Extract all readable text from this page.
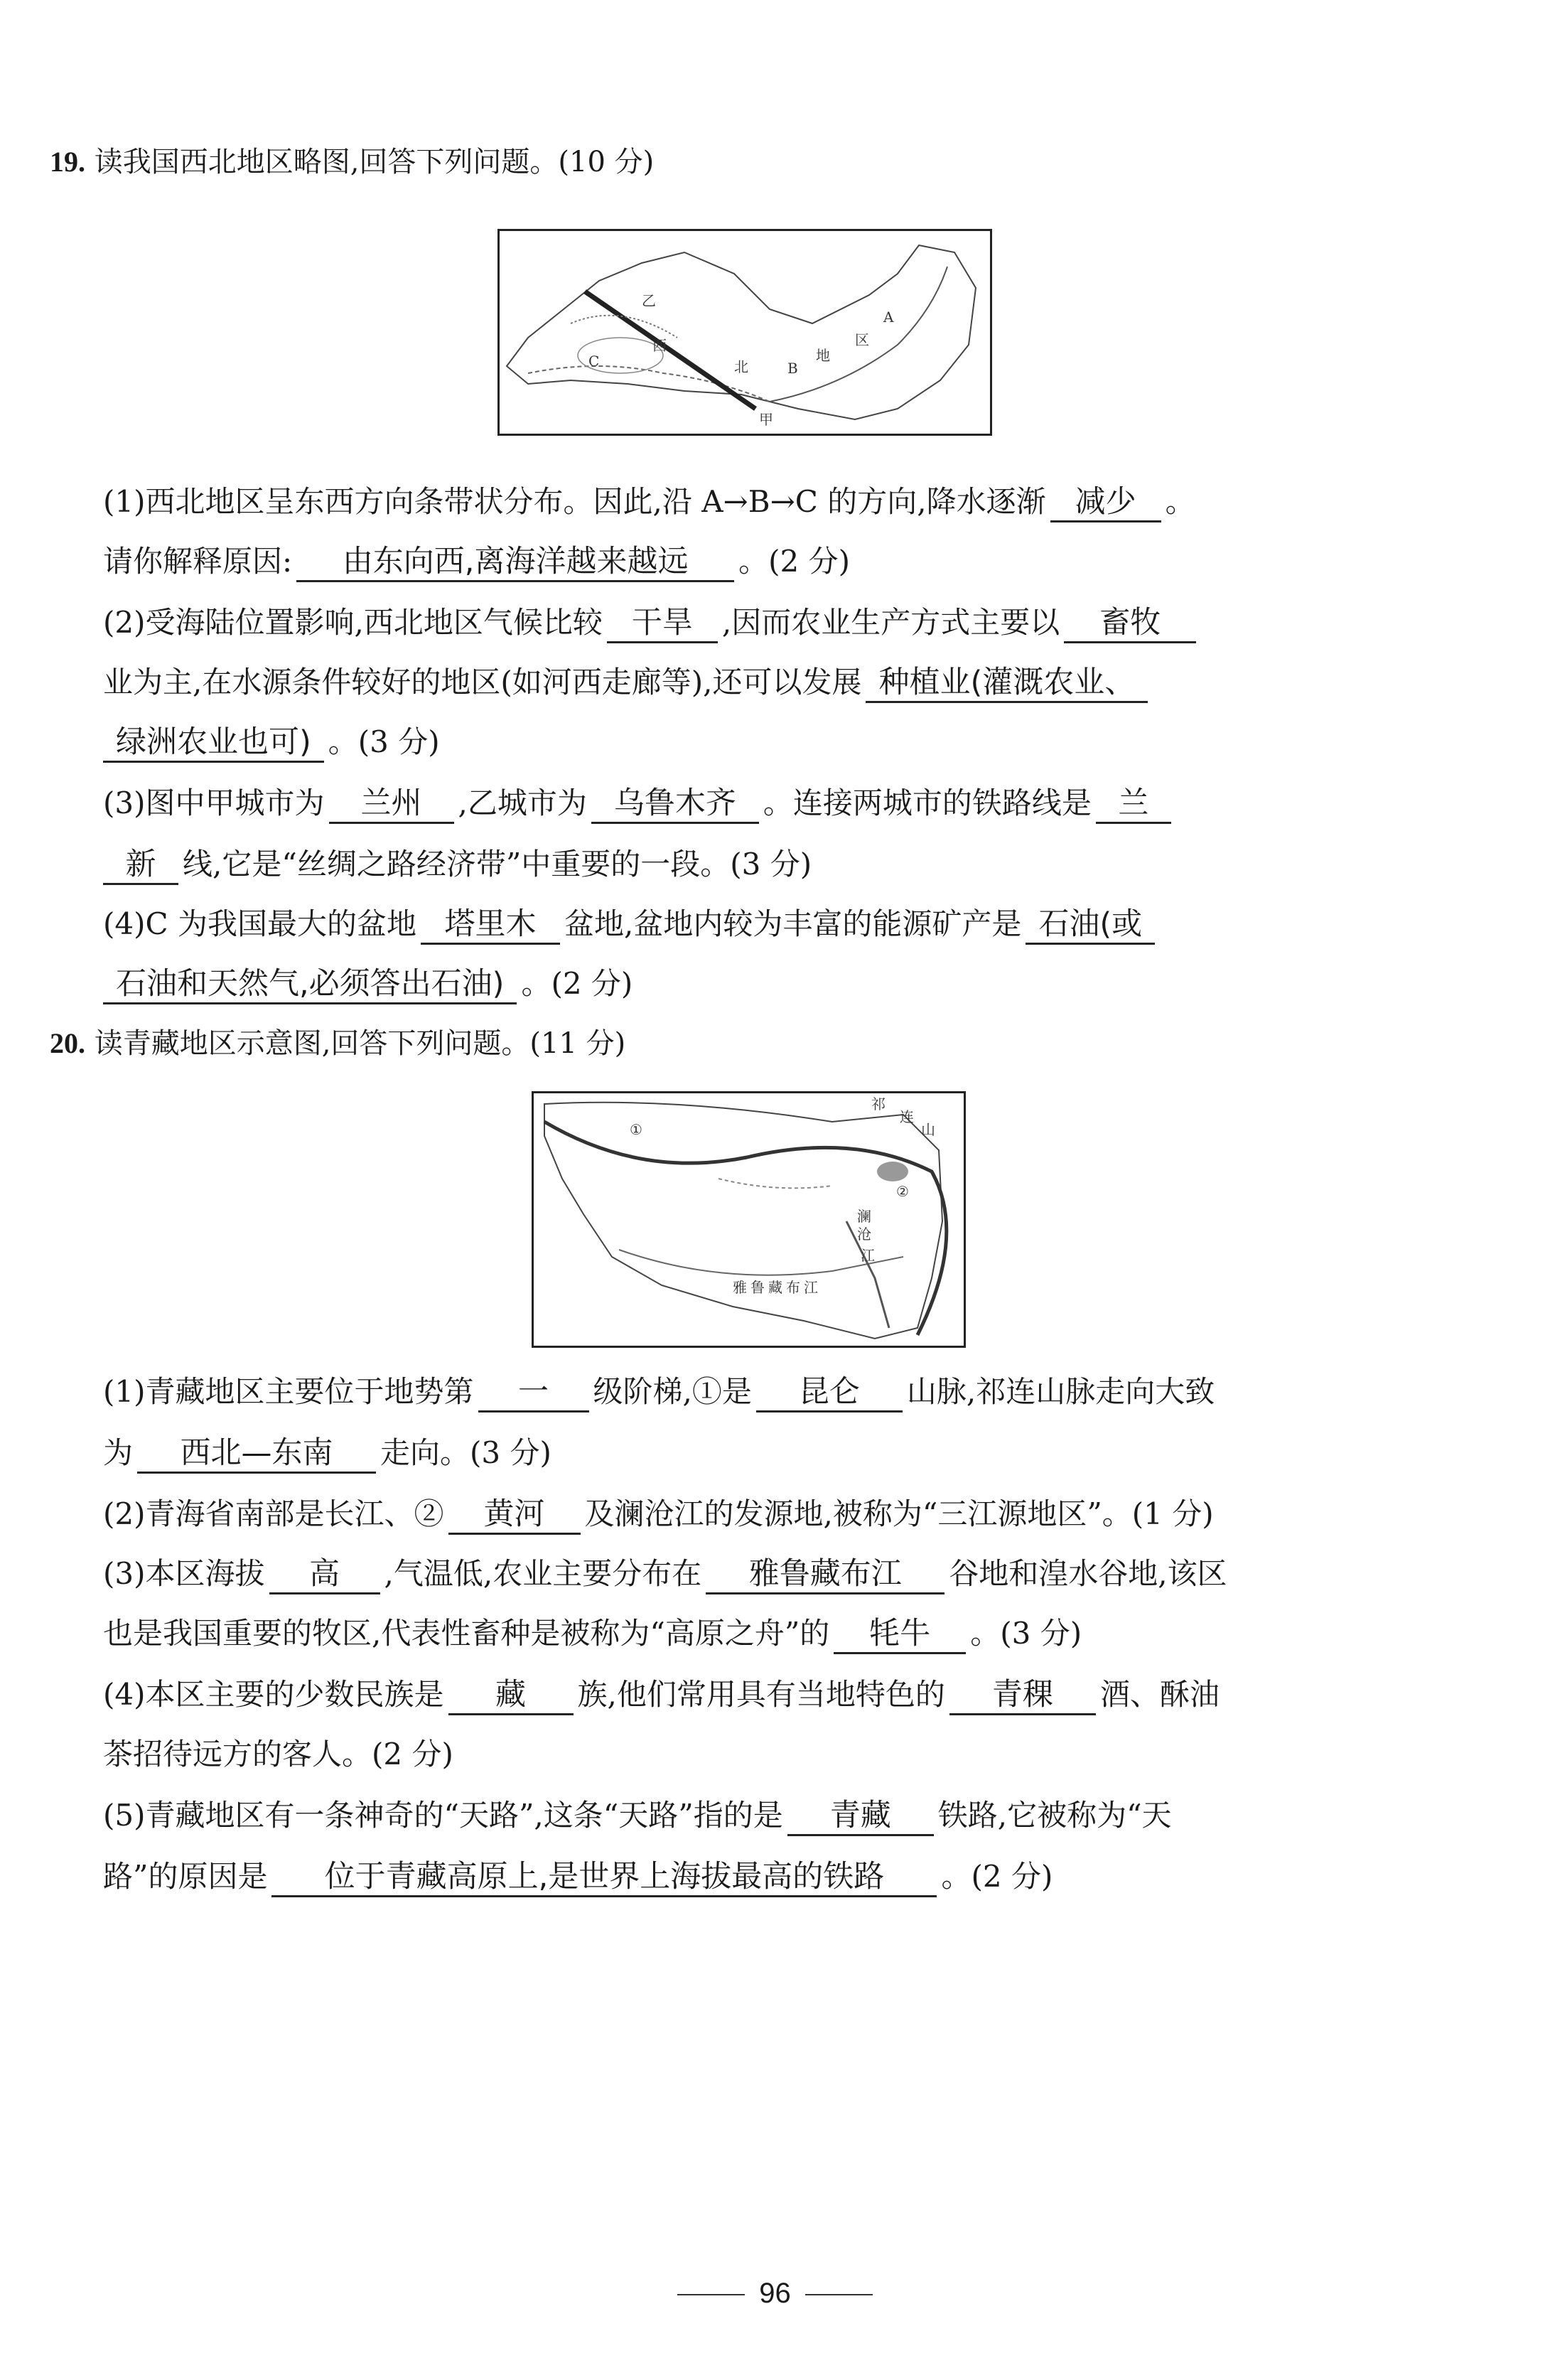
19. 读我国西北地区略图,回答下列问题。(10 分)
乙
甲
C
西
北	B
地
区
A
(1)西北地区呈东西方向条带状分布。因此,沿 A→B→C 的方向,降水逐渐 减少 。
请你解释原因: 由东向西,离海洋越来越远 。(2 分)
(2)受海陆位置影响,西北地区气候比较 干旱 ,因而农业生产方式主要以 畜牧
业为主,在水源条件较好的地区(如河西走廊等),还可以发展 种植业(灌溉农业、
绿洲农业也可) 。(3 分)
(3)图中甲城市为 兰州 ,乙城市为 乌鲁木齐 。连接两城市的铁路线是 兰
新 线,它是“丝绸之路经济带”中重要的一段。(3 分)
(4)C 为我国最大的盆地 塔里木 盆地,盆地内较为丰富的能源矿产是 石油(或
石油和天然气,必须答出石油) 。(2 分)
20. 读青藏地区示意图,回答下列问题。(11 分)
①
祁
连
山
②
澜
沧
江
雅 鲁 藏 布 江
(1)青藏地区主要位于地势第 一 级阶梯,①是 昆仑 山脉,祁连山脉走向大致
为 西北—东南 走向。(3 分)
(2)青海省南部是长江、② 黄河 及澜沧江的发源地,被称为“三江源地区”。(1 分)
(3)本区海拔 高 ,气温低,农业主要分布在 雅鲁藏布江 谷地和湟水谷地,该区
也是我国重要的牧区,代表性畜种是被称为“高原之舟”的 牦牛 。(3 分)
(4)本区主要的少数民族是 藏 族,他们常用具有当地特色的 青稞 酒、酥油
茶招待远方的客人。(2 分)
(5)青藏地区有一条神奇的“天路”,这条“天路”指的是 青藏 铁路,它被称为“天
路”的原因是 位于青藏高原上,是世界上海拔最高的铁路 。(2 分)
96
